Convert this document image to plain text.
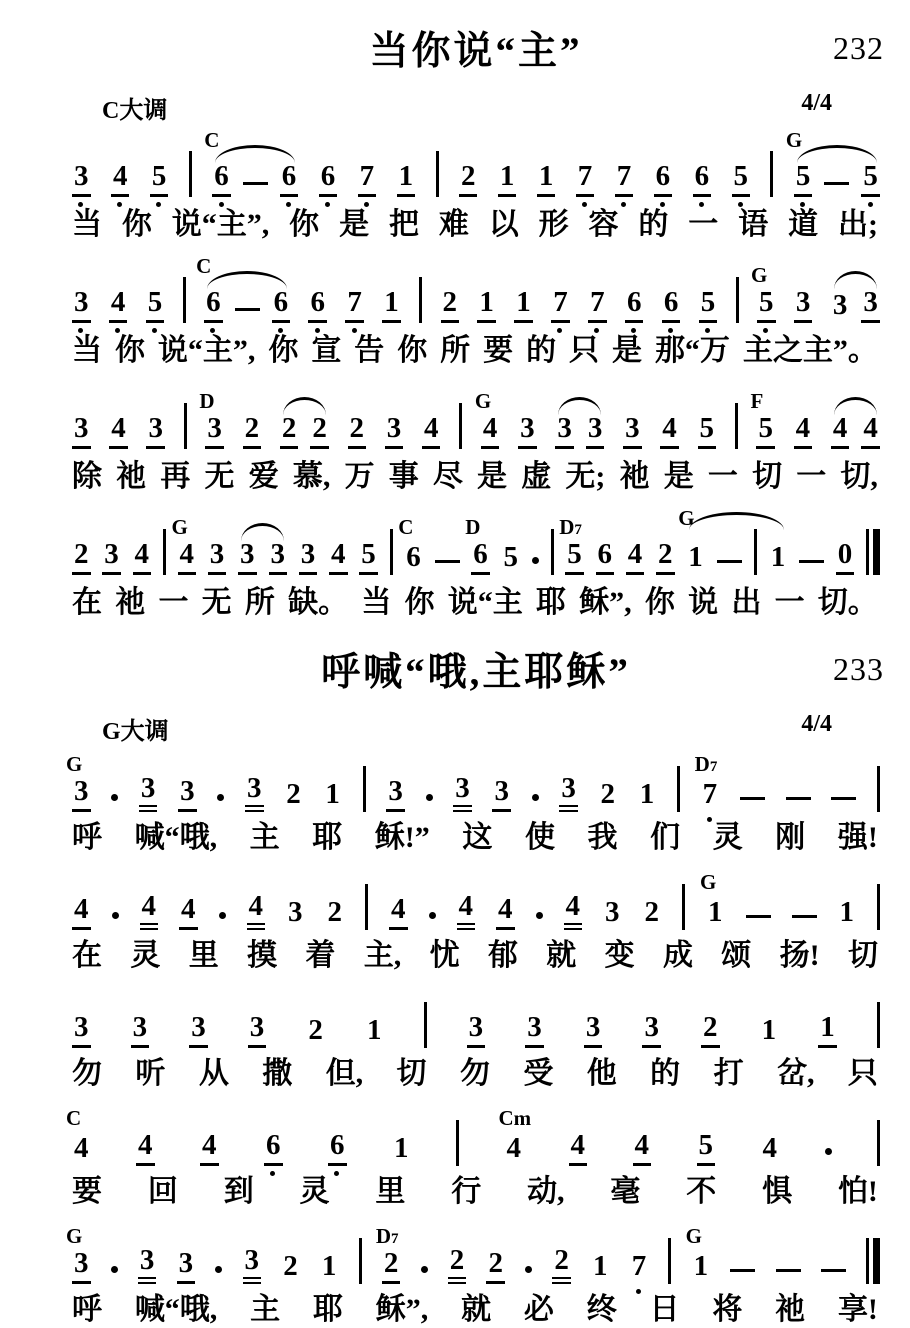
当你说“主”	232
C大调	4/4
3 4 5 6
C
6 6 7 1 2 1 1 7 7 6 6 5 5
G
5
当 你 说“主”, 你 是 把 难 以 形 容 的 一 语 道 出;
3 4 5 6
C
6 6 7 1 2 1 1 7 7 6 6 5 5
G
3 3 3
当 你 说“主”, 你 宣 告 你 所 要 的 只 是 那“万 主之主”。
3 4 3 3
D
2 2 2 2 3 4 4
G
3 3 3 3 4 5 5
F
4 4 4
除 祂 再 无 爱 慕, 万 事 尽 是 虚 无; 祂 是 一 切 一 切,
2 3 4 4
G
3 3 3 3 4 5 6
C
6
D
5 5
D7
6 4 2 1
G
1 0
在 祂 一 无 所 缺。 当 你 说“主 耶 稣”, 你 说 出 一 切。
呼喊“哦,主耶稣”	233
G大调	4/4
3
G
3 3 3 2 1 3 3 3 3 2 1 7
D7
呼 喊“哦, 主 耶 稣!” 这 使 我 们 灵 刚 强!
4 4 4 4 3 2 4 4 4 4 3 2 1
G
1
在 灵 里 摸 着 主, 忧 郁 就 变 成 颂 扬! 切
3 3 3 3 2 1	3 3 3 3 2 1 1
勿 听 从 撒 但, 切 勿 受 他 的 打 岔, 只
4
C
4 4 6 6 1	4
Cm
4 4 5 4
要 回 到 灵 里 行 动, 毫 不 惧 怕!
3
G
3 3 3 2 1 2
D7
2 2 2 1 7 1
G
呼 喊“哦, 主 耶 稣”, 就 必 终 日 将 祂 享!
